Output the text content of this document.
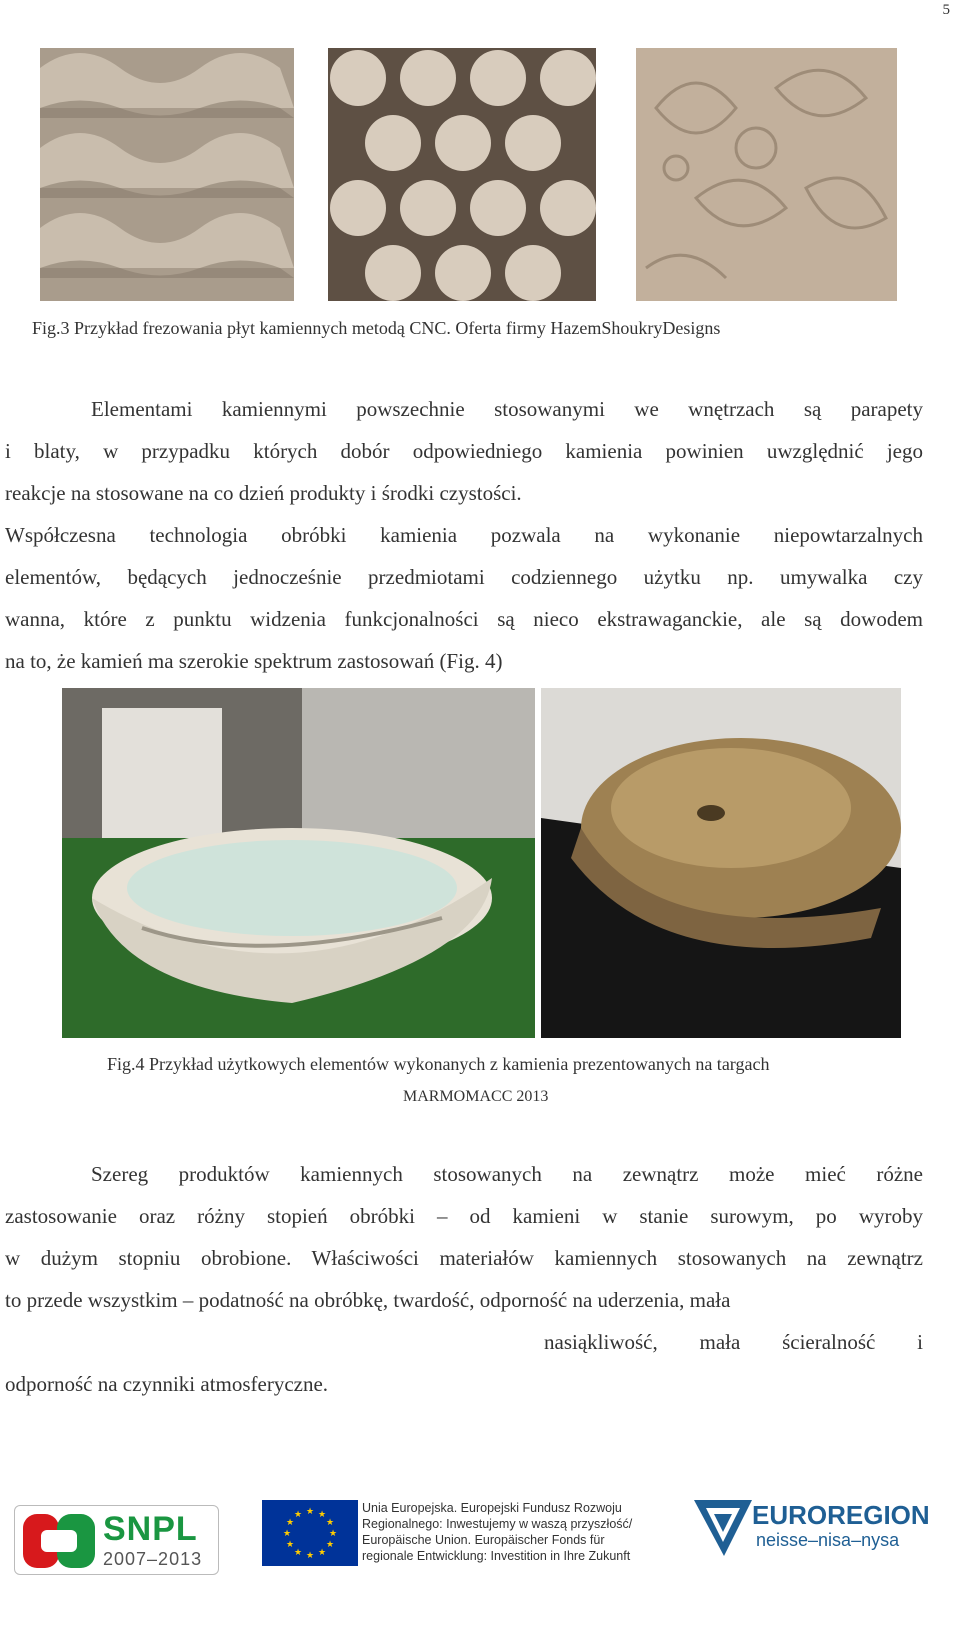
5
Fig.3 Przykład frezowania płyt kamiennych metodą CNC. Oferta firmy HazemShoukryDesigns
Elementami kamiennymi powszechnie stosowanymi we wnętrzach są parapety
i blaty, w przypadku których dobór odpowiedniego kamienia powinien uwzględnić jego
reakcje na stosowane na co dzień produkty i środki czystości.
Współczesna technologia obróbki kamienia pozwala na wykonanie niepowtarzalnych
elementów, będących jednocześnie przedmiotami codziennego użytku np. umywalka czy
wanna, które z punktu widzenia funkcjonalności są nieco ekstrawaganckie, ale są dowodem
na to, że kamień ma szerokie spektrum zastosowań (Fig. 4)
Fig.4 Przykład użytkowych elementów wykonanych z kamienia prezentowanych na targach
MARMOMACC 2013
Szereg produktów kamiennych stosowanych na zewnątrz może mieć różne
zastosowanie oraz różny stopień obróbki – od kamieni w stanie surowym, po wyroby
w dużym stopniu obrobione. Właściwości materiałów kamiennych stosowanych na zewnątrz
to przede wszystkim – podatność na obróbkę, twardość, odporność na uderzenia, mała
nasiąkliwość, mała ścieralność i
odporność na czynniki atmosferyczne.
SNPL
2007–2013
★ ★
★
★
★
★
★
★
★
★
★
★	Unia Europejska. Europejski Fundusz Rozwoju
Regionalnego: Inwestujemy w waszą przyszłość/
Europäische Union. Europäischer Fonds für
regionale Entwicklung: Investition in Ihre Zukunft
EUROREGION
neisse–nisa–nysa
